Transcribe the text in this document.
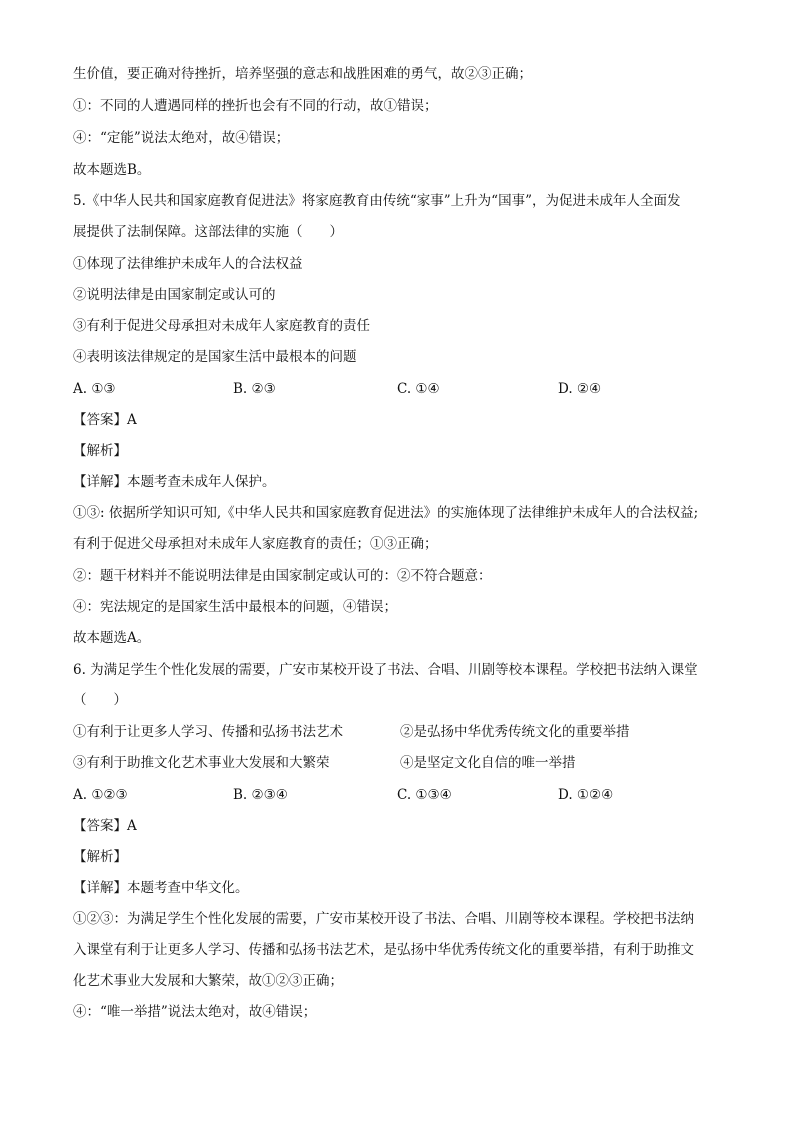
生价值，要正确对待挫折，培养坚强的意志和战胜困难的勇气，故②③正确；
①：不同的人遭遇同样的挫折也会有不同的行动，故①错误；
④：“定能”说法太绝对，故④错误；
故本题选B。
5.《中华人民共和国家庭教育促进法》将家庭教育由传统“家事”上升为“国事”，为促进未成年人全面发
展提供了法制保障。这部法律的实施（　　）
①体现了法律维护未成年人的合法权益
②说明法律是由国家制定或认可的
③有利于促进父母承担对未成年人家庭教育的责任
④表明该法律规定的是国家生活中最根本的问题
A. ①③	B. ②③	C. ①④	D. ②④
【答案】A
【解析】
【详解】本题考查未成年人保护。
①③: 依据所学知识可知,《中华人民共和国家庭教育促进法》的实施体现了法律维护未成年人的合法权益;
有利于促进父母承担对未成年人家庭教育的责任；①③正确；
②：题干材料并不能说明法律是由国家制定或认可的：②不符合题意：
④：宪法规定的是国家生活中最根本的问题，④错误；
故本题选A。
6. 为满足学生个性化发展的需要，广安市某校开设了书法、合唱、川剧等校本课程。学校把书法纳入课堂
（　　）
①有利于让更多人学习、传播和弘扬书法艺术	②是弘扬中华优秀传统文化的重要举措
③有利于助推文化艺术事业大发展和大繁荣	④是坚定文化自信的唯一举措
A. ①②③	B. ②③④	C. ①③④	D. ①②④
【答案】A
【解析】
【详解】本题考查中华文化。
①②③：为满足学生个性化发展的需要，广安市某校开设了书法、合唱、川剧等校本课程。学校把书法纳
入课堂有利于让更多人学习、传播和弘扬书法艺术，是弘扬中华优秀传统文化的重要举措，有利于助推文
化艺术事业大发展和大繁荣，故①②③正确；
④：“唯一举措”说法太绝对，故④错误；
